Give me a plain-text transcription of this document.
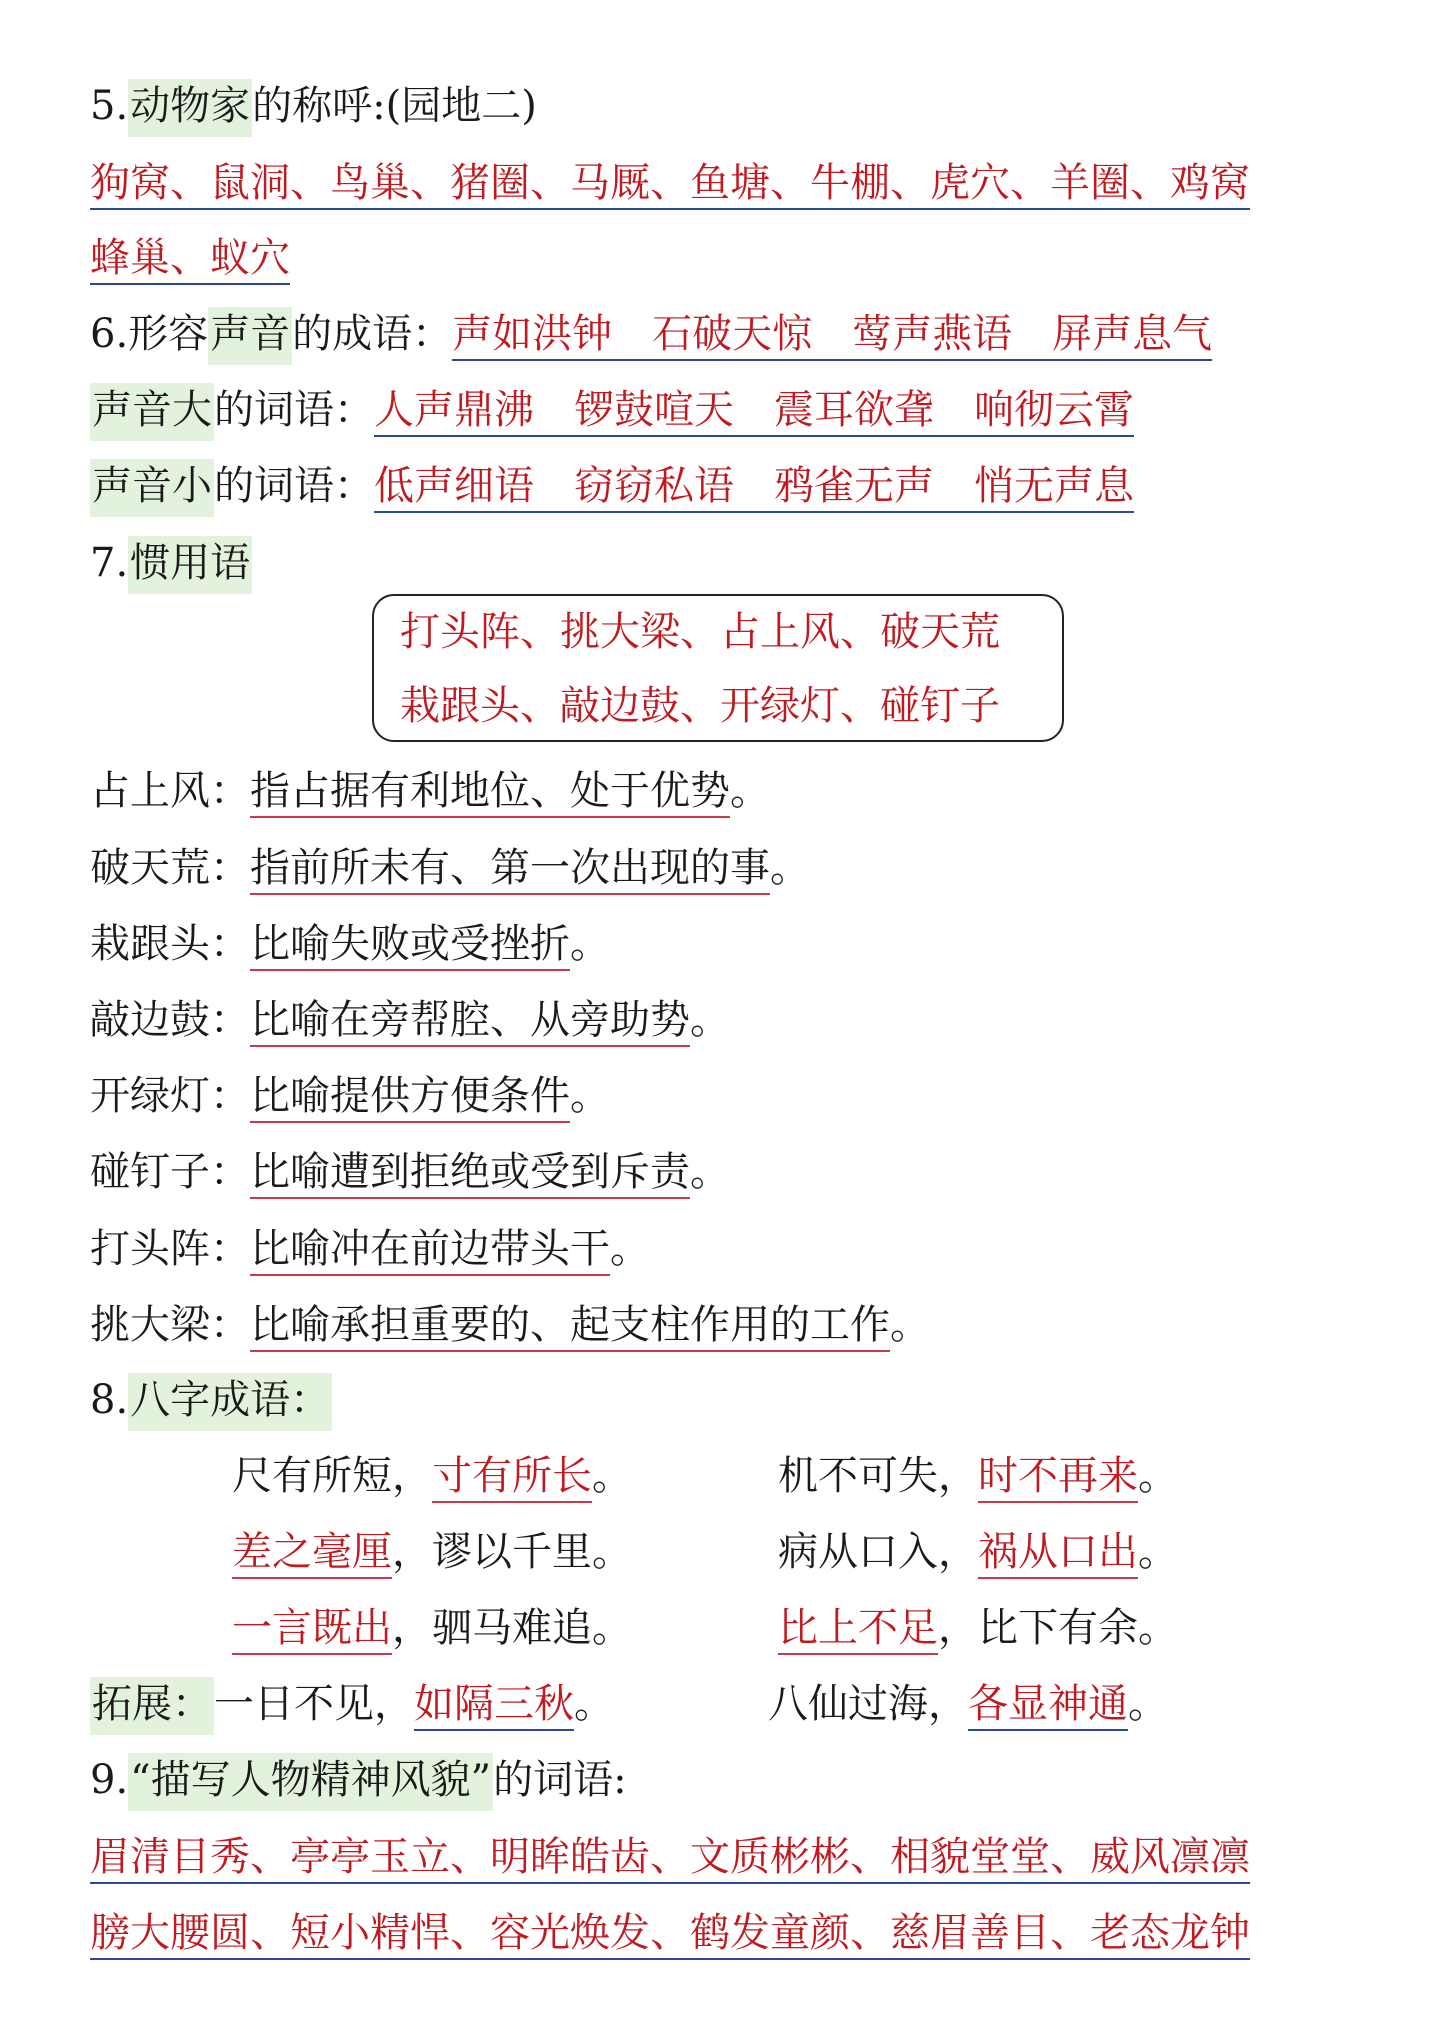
5.动物家的称呼:(园地二)
狗窝、鼠洞、鸟巢、猪圈、马厩、鱼塘、牛棚、虎穴、羊圈、鸡窝
蜂巢、蚁穴
6.形容声音的成语：声如洪钟 石破天惊 莺声燕语 屏声息气
声音大的词语：人声鼎沸 锣鼓喧天 震耳欲聋 响彻云霄
声音小的词语：低声细语 窃窃私语 鸦雀无声 悄无声息
7.惯用语
打头阵、挑大梁、占上风、破天荒
栽跟头、敲边鼓、开绿灯、碰钉子
占上风：指占据有利地位、处于优势。
破天荒：指前所未有、第一次出现的事。
栽跟头：比喻失败或受挫折。
敲边鼓：比喻在旁帮腔、从旁助势。
开绿灯：比喻提供方便条件。
碰钉子：比喻遭到拒绝或受到斥责。
打头阵：比喻冲在前边带头干。
挑大梁：比喻承担重要的、起支柱作用的工作。
8.八字成语：
尺有所短，寸有所长。	机不可失，时不再来。
差之毫厘，谬以千里。	病从口入，祸从口出。
一言既出，驷马难追。	比上不足，比下有余。
拓展：一日不见，如隔三秋。	八仙过海，各显神通。
9.“描写人物精神风貌”的词语:
眉清目秀、亭亭玉立、明眸皓齿、文质彬彬、相貌堂堂、威风凛凛
膀大腰圆、短小精悍、容光焕发、鹤发童颜、慈眉善目、老态龙钟
